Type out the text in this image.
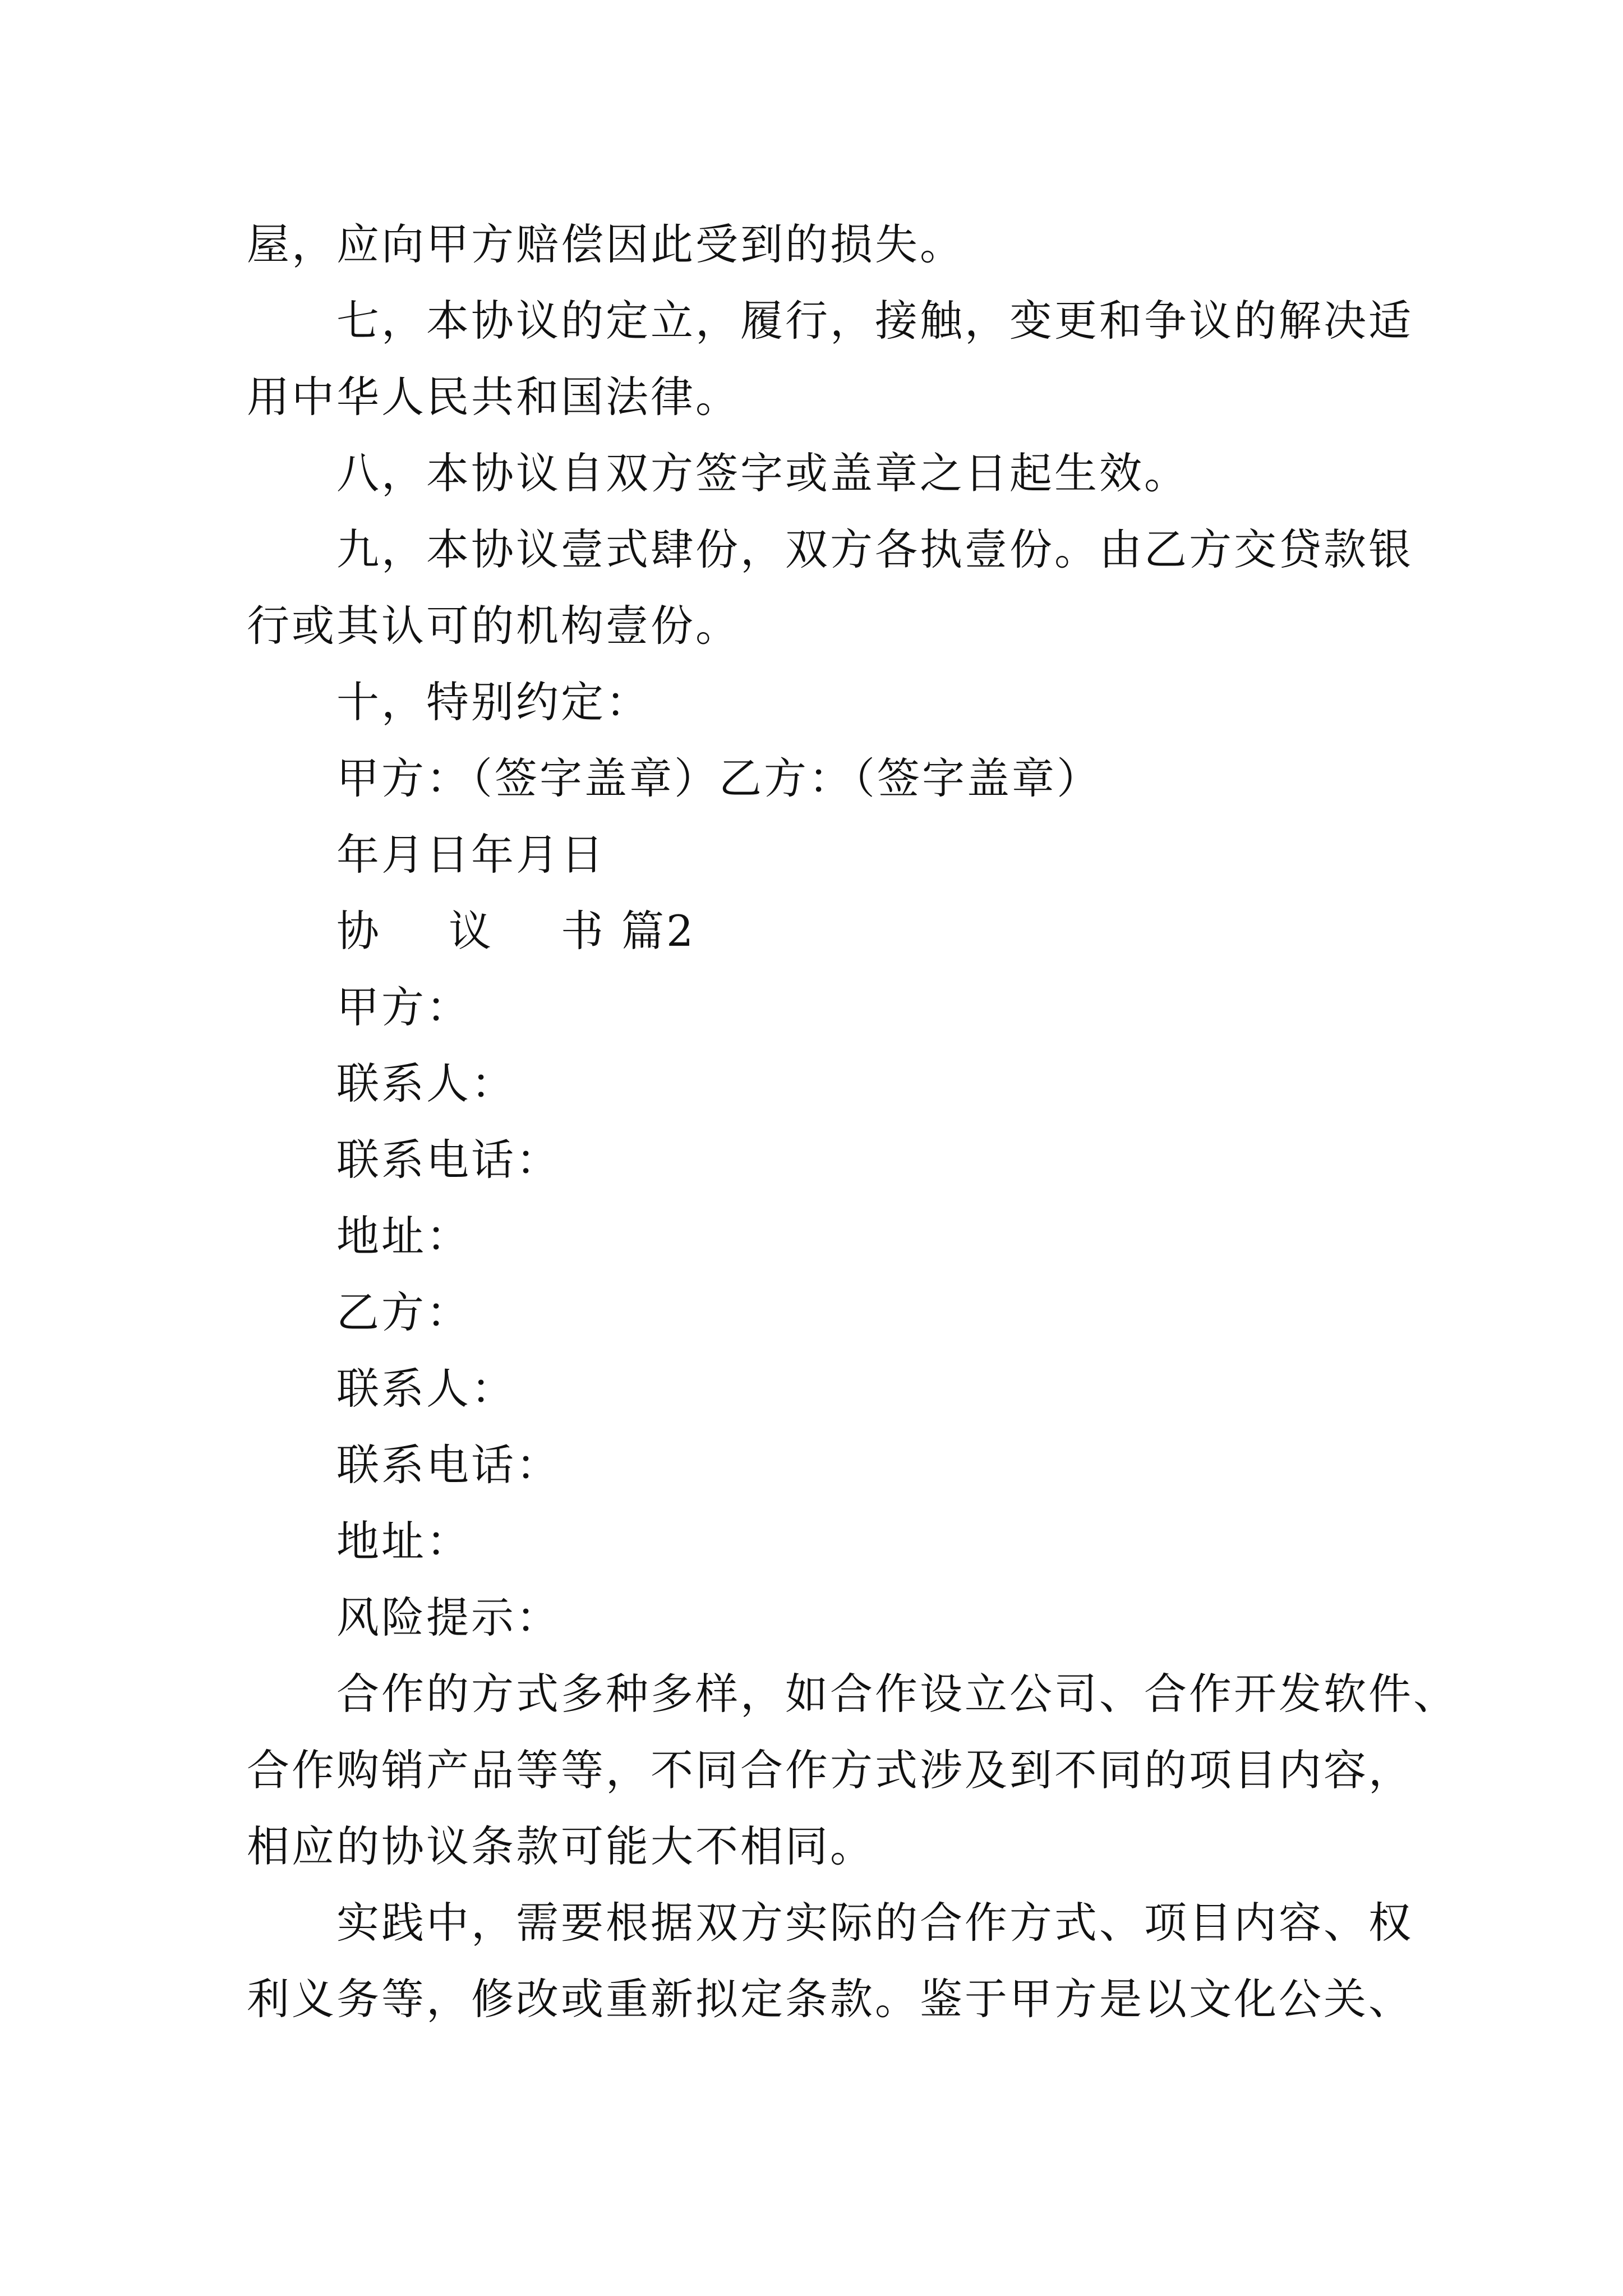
屋，应向甲方赔偿因此受到的损失。
七，本协议的定立，履行，接触，变更和争议的解决适
用中华人民共和国法律。
八，本协议自双方签字或盖章之日起生效。
九，本协议壹式肆份，双方各执壹份。由乙方交贷款银
行或其认可的机构壹份。
十，特别约定：
甲方：（签字盖章）乙方：（签字盖章）
年月日年月日
协 议 书 篇2
甲方：
联系人：
联系电话：
地址：
乙方：
联系人：
联系电话：
地址：
风险提示：
合作的方式多种多样，如合作设立公司、合作开发软件、
合作购销产品等等，不同合作方式涉及到不同的项目内容，
相应的协议条款可能大不相同。
实践中，需要根据双方实际的合作方式、项目内容、权
利义务等，修改或重新拟定条款。鉴于甲方是以文化公关、
